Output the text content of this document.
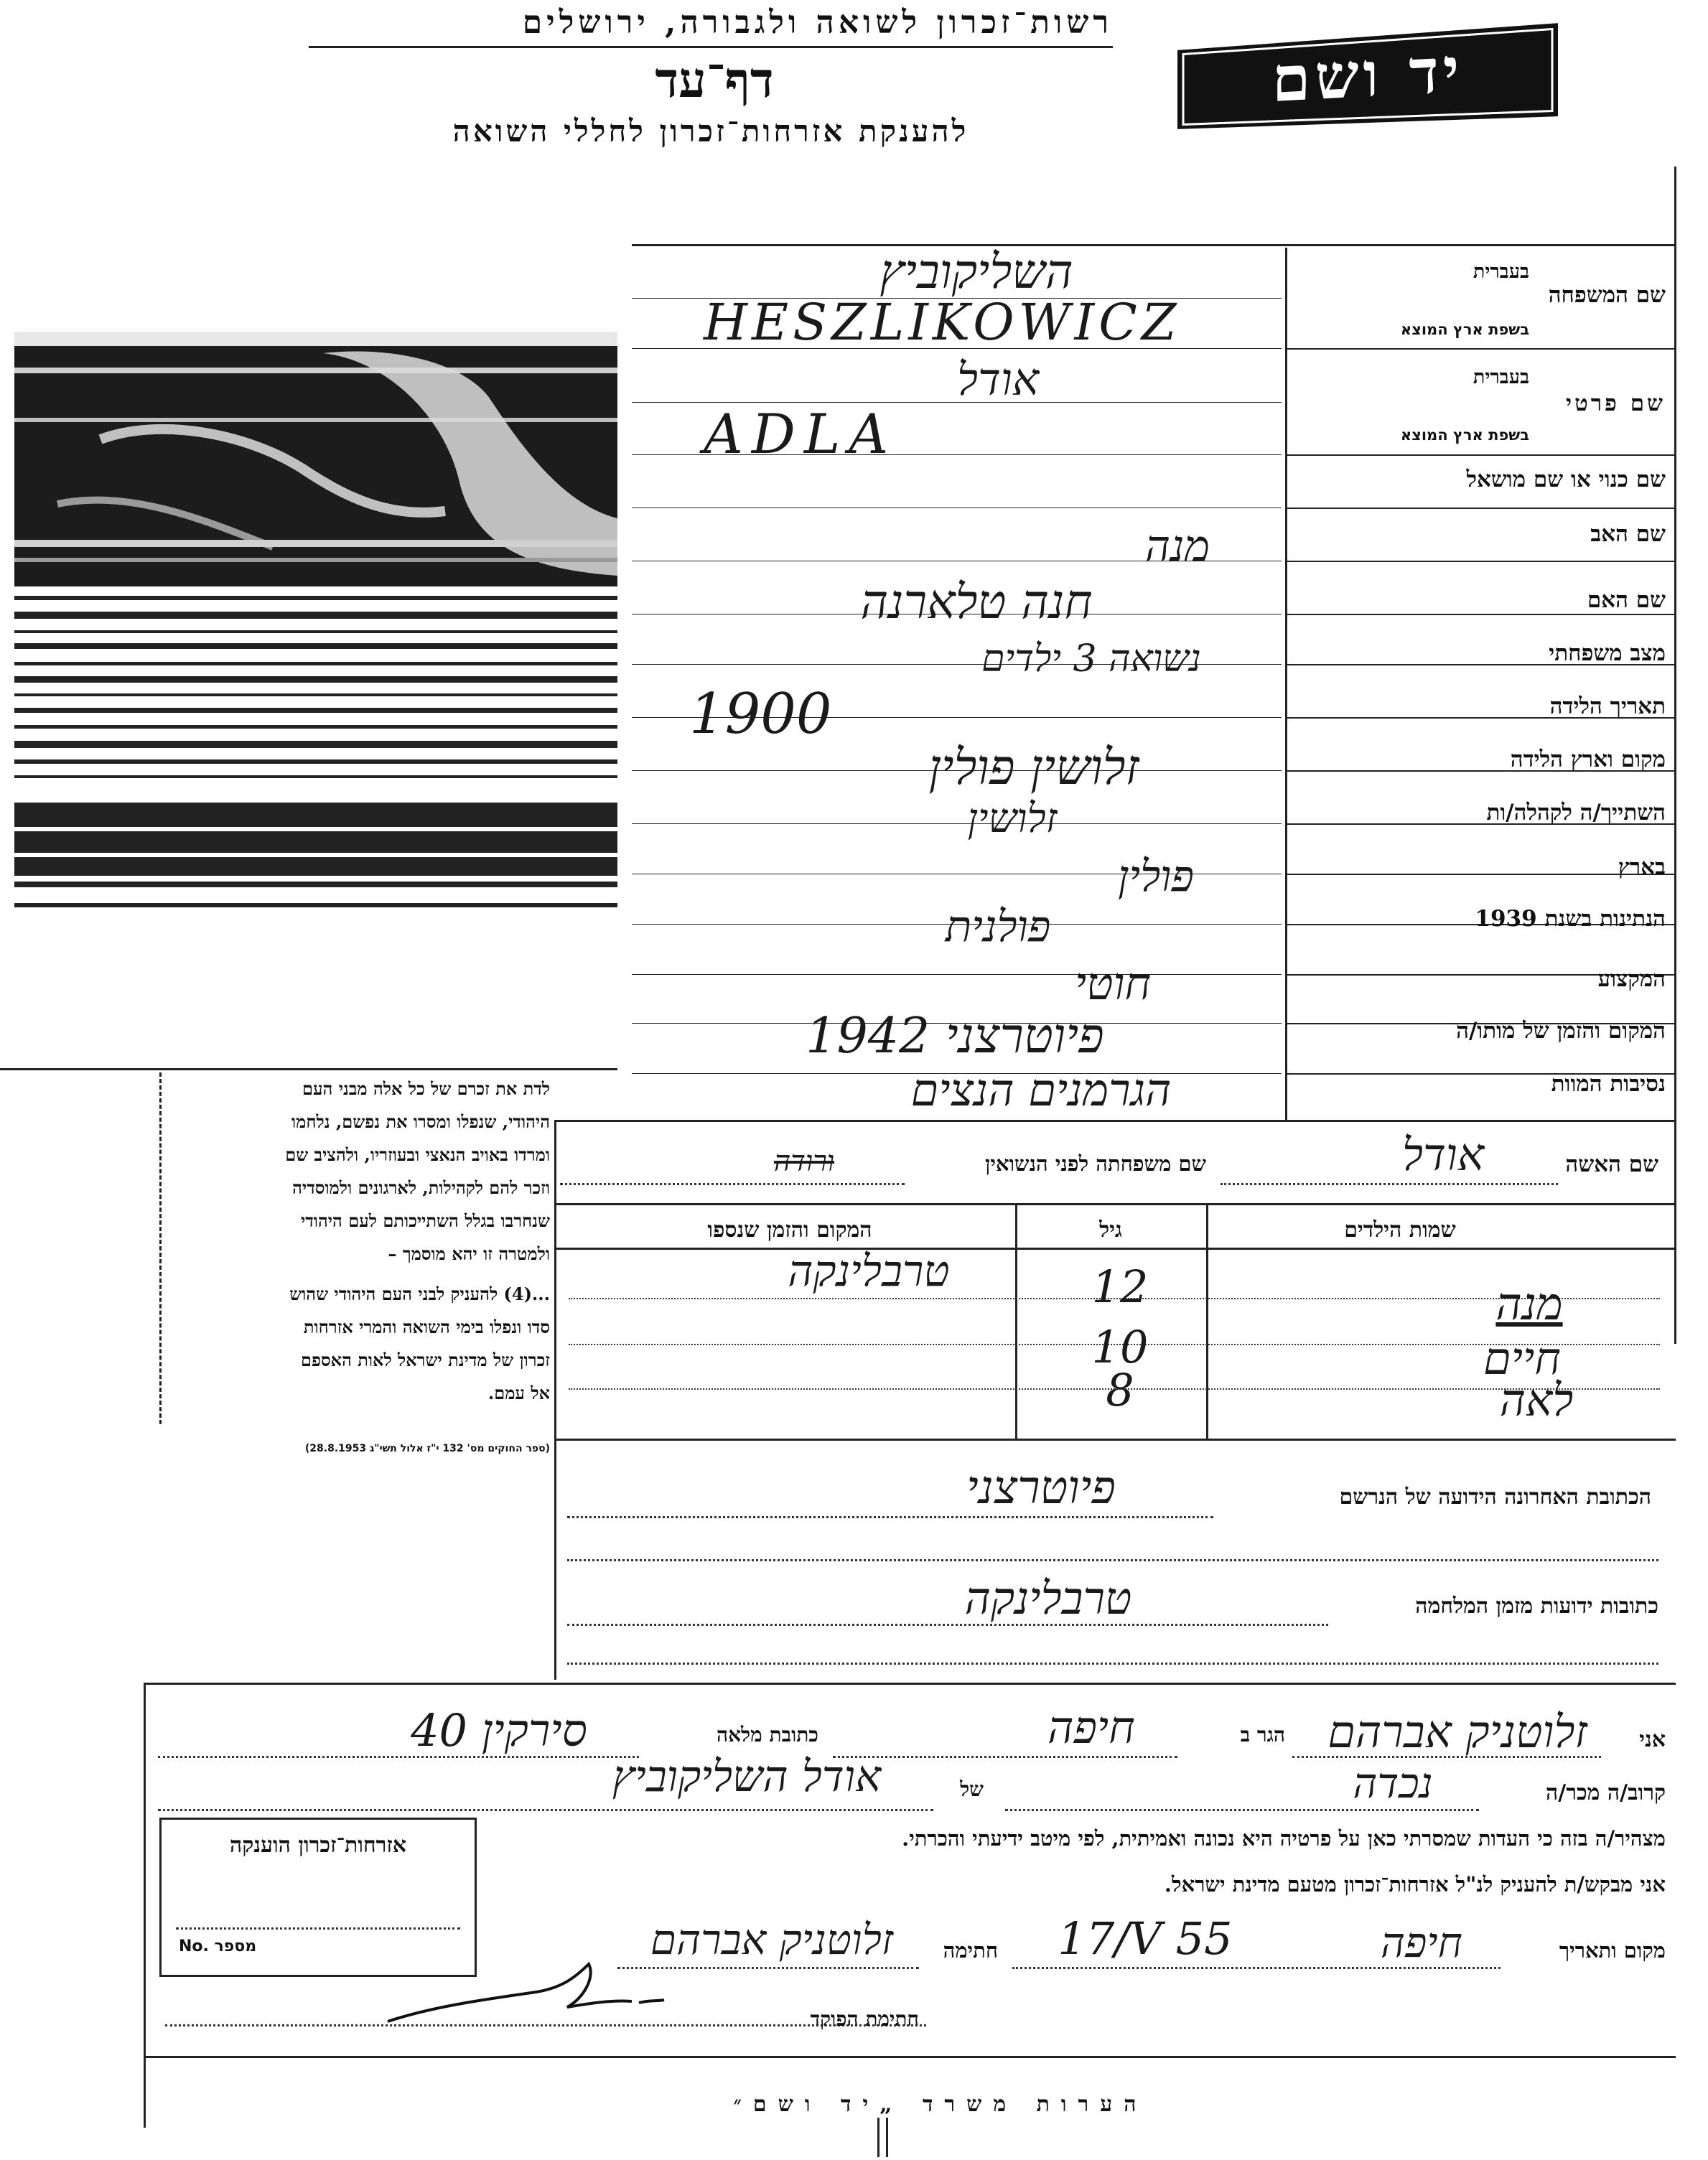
רשות־זכרון לשואה ולגבורה, ירושלים
דף־עד
להענקת אזרחות־זכרון לחללי השואה
יד ושם
שם המשפחה
בעברית
בשפת ארץ המוצא
שם פרטי
בעברית
בשפת ארץ המוצא
שם כנוי או שם מושאל
שם האב
שם האם
מצב משפחתי
תאריך הלידה
מקום וארץ הלידה
השתייך/ה לקהלה/ות
בארץ
הנתינות בשנת 1939
המקצוע
המקום והזמן של מותו/ה
נסיבות המוות
השליקוביץ
HESZLIKOWICZ
אודל
ADLA
מנה
חנה טלארנה
נשואה 3 ילדים
1900
זלושין פולין
זלושין
פולין
פולנית
חוטי
פיוטרצני 1942
הגרמנים הנצים
לדת את זכרם של כל אלה מבני העם
היהודי, שנפלו ומסרו את נפשם, נלחמו
ומרדו באויב הנאצי ובעוזריו, ולהציב שם
וזכר להם לקהילות, לארגונים ולמוסדיה
שנחרבו בגלל השתייכותם לעם היהודי
ולמטרה זו יהא מוסמך –
...(4) להעניק לבני העם היהודי שהוש
סדו ונפלו בימי השואה והמרי אזרחות
זכרון של מדינת ישראל לאות האספם
אל עמם.
(ספר החוקים מס' 132 י"ז אלול תשי"ג 28.8.1953)
שם האשה
אודל
שם משפחתה לפני הנשואין
ורודה
שמות הילדים
גיל
המקום והזמן שנספו
מנה
12
טרבלינקה
חיים
10
לאה
8
הכתובת האחרונה הידועה של הנרשם
פיוטרצני
כתובות ידועות מזמן המלחמה
טרבלינקה
אני
זלוטניק אברהם
הגר ב
חיפה
כתובת מלאה
סירקין 40
קרוב/ה מכר/ה
נכדה
של
אודל השליקוביץ
מצהיר/ה בזה כי העדות שמסרתי כאן על פרטיה היא נכונה ואמיתית, לפי מיטב ידיעתי והכרתי.
אני מבקש/ת להעניק לנ"ל אזרחות־זכרון מטעם מדינת ישראל.
אזרחות־זכרון הוענקה
No. מספר	מקום ותאריך
חיפה
17/V 55
חתימה
זלוטניק אברהם
חתימת הפוקד
הערות משרד „יד ושם״
